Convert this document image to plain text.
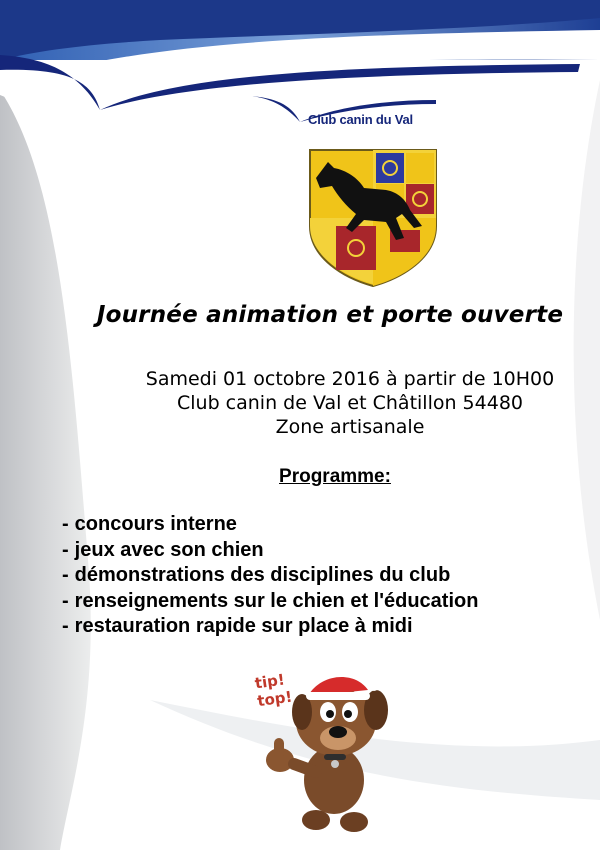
Club canin du Val
Journée animation et porte ouverte
Samedi 01 octobre 2016 à partir de 10H00
Club canin de Val et Châtillon 54480
Zone artisanale
Programme:
- concours interne
- jeux avec son chien
- démonstrations des disciplines du club
- renseignements sur le chien et l'éducation
- restauration rapide sur place à midi
tip!
top!
